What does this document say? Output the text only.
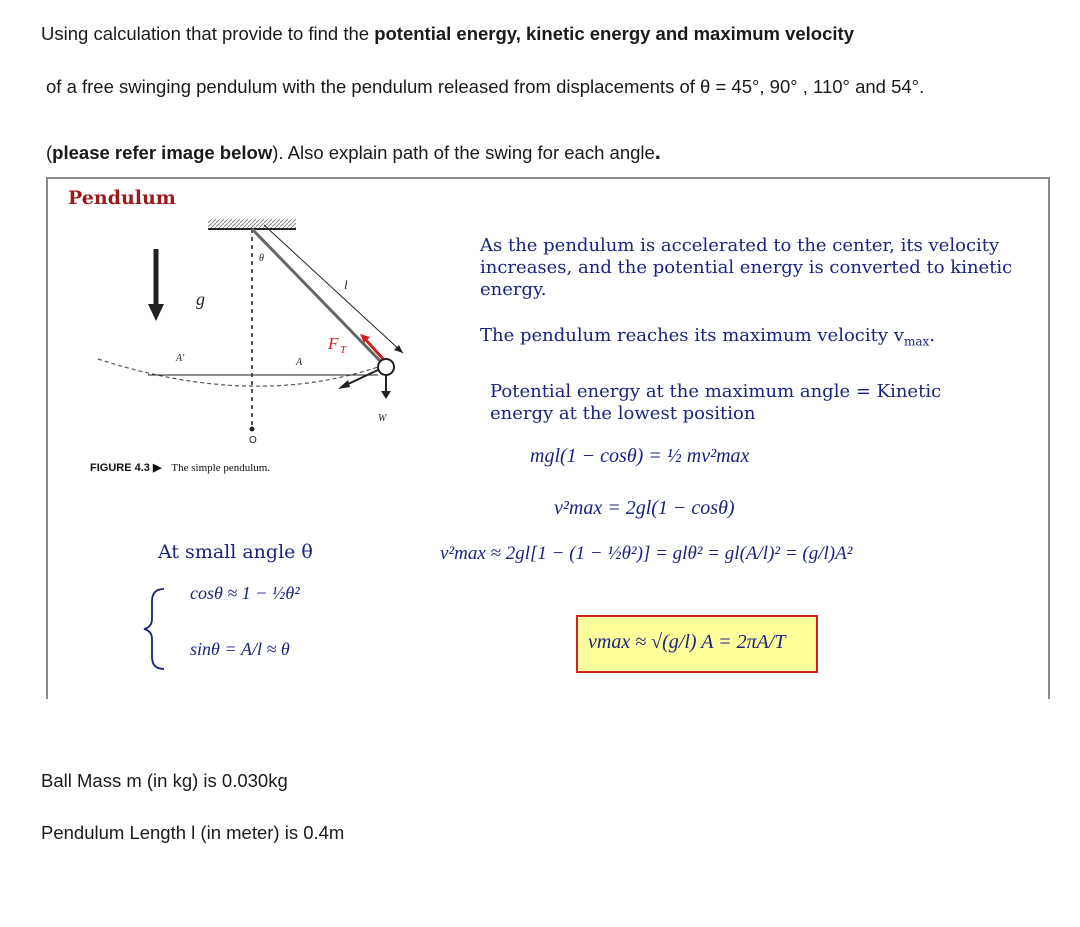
Using calculation that provide to find the potential energy, kinetic energy and maximum velocity
of a free swinging pendulum with the pendulum released from displacements of θ = 45°, 90° , 110° and 54°.
(please refer image below). Also explain path of the swing for each angle.
Pendulum
θ
l
g
F T
A'	A
W
O
FIGURE 4.3 ▶ The simple pendulum.
As the pendulum is accelerated to the center, its velocity increases, and the potential energy is converted to kinetic energy.
The pendulum reaches its maximum velocity $v_{max}$.
Potential energy at the maximum angle = Kinetic energy at the lowest position
mgl(1 − cosθ) = ½ mv²max
v²max = 2gl(1 − cosθ)
v²max ≈ 2gl[1 − (1 − ½θ²)] = glθ² = gl(A/l)² = (g/l)A²
vmax ≈ √(g/l) A = 2πA/T
At small angle θ
cosθ ≈ 1 − ½θ²
sinθ = A/l ≈ θ
Ball Mass m (in kg) is 0.030kg
Pendulum Length l (in meter) is 0.4m
